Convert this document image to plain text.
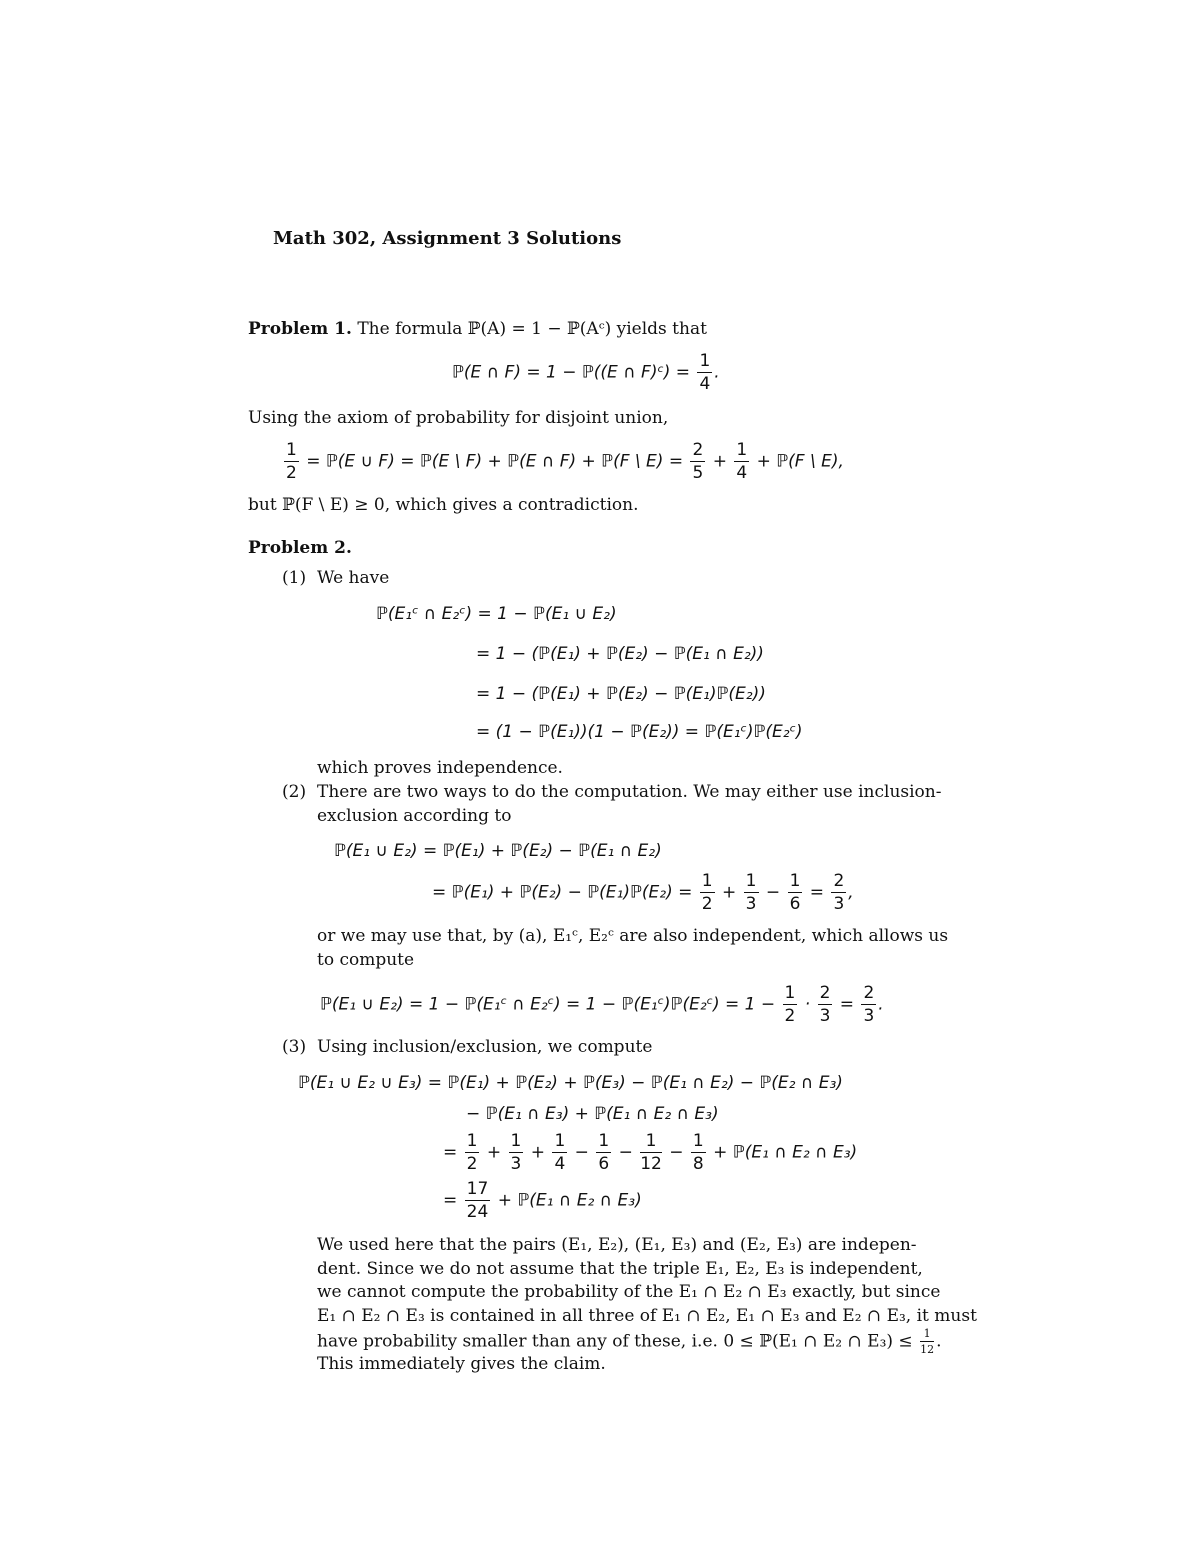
Math 302, Assignment 3 Solutions
Problem 1. The formula ℙ(A) = 1 − ℙ(Aᶜ) yields that
ℙ(E ∩ F) = 1 − ℙ((E ∩ F)ᶜ) = $\frac{1}{4}$ .
Using the axiom of probability for disjoint union,
$\frac{1}{2}$ = ℙ(E ∪ F) = ℙ(E \ F) + ℙ(E ∩ F) + ℙ(F \ $E) = \frac{2}{5} + \frac{1}{4}$ + ℙ(F \ E),
but ℙ(F \ E) ≥ 0, which gives a contradiction.
Problem 2.
(1) We have
ℙ(E₁ᶜ ∩ E₂ᶜ) = 1 − ℙ(E₁ ∪ E₂)
= 1 − (ℙ(E₁) + ℙ(E₂) − ℙ(E₁ ∩ E₂))
= 1 − (ℙ(E₁) + ℙ(E₂) − ℙ(E₁)ℙ(E₂))
= (1 − ℙ(E₁))(1 − ℙ(E₂)) = ℙ(E₁ᶜ)ℙ(E₂ᶜ)
which proves independence.
(2) There are two ways to do the computation. We may either use inclusion-
exclusion according to
ℙ(E₁ ∪ E₂) = ℙ(E₁) + ℙ(E₂) − ℙ(E₁ ∩ E₂)
= ℙ(E₁) + ℙ(E₂) − ℙ(E₁)ℙ(E₂) = $\frac{1}{2} + \frac{1}{3} - \frac{1}{6} = \frac{2}{3}$ ,
or we may use that, by (a), E₁ᶜ, E₂ᶜ are also independent, which allows us
to compute
ℙ(E₁ ∪ E₂) = 1 − ℙ(E₁ᶜ ∩ E₂ᶜ) = 1 − ℙ(E₁ᶜ)ℙ(E₂ᶜ) = $1 - \frac{1}{2} \cdot \frac{2}{3} = \frac{2}{3}$ .
(3) Using inclusion/exclusion, we compute
ℙ(E₁ ∪ E₂ ∪ E₃) = ℙ(E₁) + ℙ(E₂) + ℙ(E₃) − ℙ(E₁ ∩ E₂) − ℙ(E₂ ∩ E₃)
− ℙ(E₁ ∩ E₃) + ℙ(E₁ ∩ E₂ ∩ E₃)
= $\frac{1}{2} + \frac{1}{3} + \frac{1}{4} - \frac{1}{6} - \frac{1}{12} - \frac{1}{8}$ + ℙ(E₁ ∩ E₂ ∩ E₃)
= $\frac{17}{24}$ + ℙ(E₁ ∩ E₂ ∩ E₃)
We used here that the pairs (E₁, E₂), (E₁, E₃) and (E₂, E₃) are indepen-
dent. Since we do not assume that the triple E₁, E₂, E₃ is independent,
we cannot compute the probability of the E₁ ∩ E₂ ∩ E₃ exactly, but since
E₁ ∩ E₂ ∩ E₃ is contained in all three of E₁ ∩ E₂, E₁ ∩ E₃ and E₂ ∩ E₃, it must
have probability smaller than any of these, i.e. 0 ≤ ℙ(E₁ ∩ E₂ ∩ $E_3) \le \frac{1}{12}$ .
This immediately gives the claim.
